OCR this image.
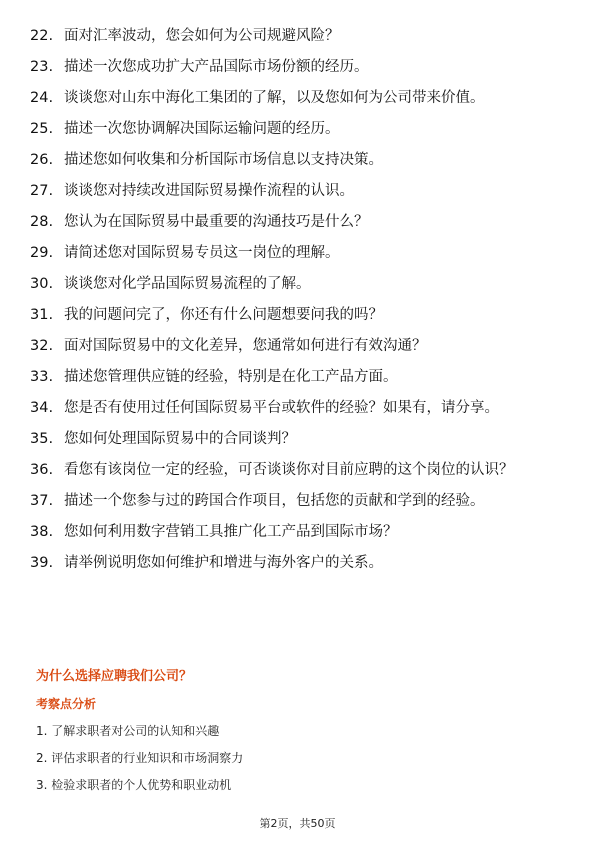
22. 面对汇率波动，您会如何为公司规避风险？
23. 描述一次您成功扩大产品国际市场份额的经历。
24. 谈谈您对山东中海化工集团的了解，以及您如何为公司带来价值。
25. 描述一次您协调解决国际运输问题的经历。
26. 描述您如何收集和分析国际市场信息以支持决策。
27. 谈谈您对持续改进国际贸易操作流程的认识。
28. 您认为在国际贸易中最重要的沟通技巧是什么？
29. 请简述您对国际贸易专员这一岗位的理解。
30. 谈谈您对化学品国际贸易流程的了解。
31. 我的问题问完了，你还有什么问题想要问我的吗？
32. 面对国际贸易中的文化差异，您通常如何进行有效沟通？
33. 描述您管理供应链的经验，特别是在化工产品方面。
34. 您是否有使用过任何国际贸易平台或软件的经验？如果有，请分享。
35. 您如何处理国际贸易中的合同谈判？
36. 看您有该岗位一定的经验，可否谈谈你对目前应聘的这个岗位的认识？
37. 描述一个您参与过的跨国合作项目，包括您的贡献和学到的经验。
38. 您如何利用数字营销工具推广化工产品到国际市场？
39. 请举例说明您如何维护和增进与海外客户的关系。
为什么选择应聘我们公司？
考察点分析
1. 了解求职者对公司的认知和兴趣
2. 评估求职者的行业知识和市场洞察力
3. 检验求职者的个人优势和职业动机
第2页，共50页
